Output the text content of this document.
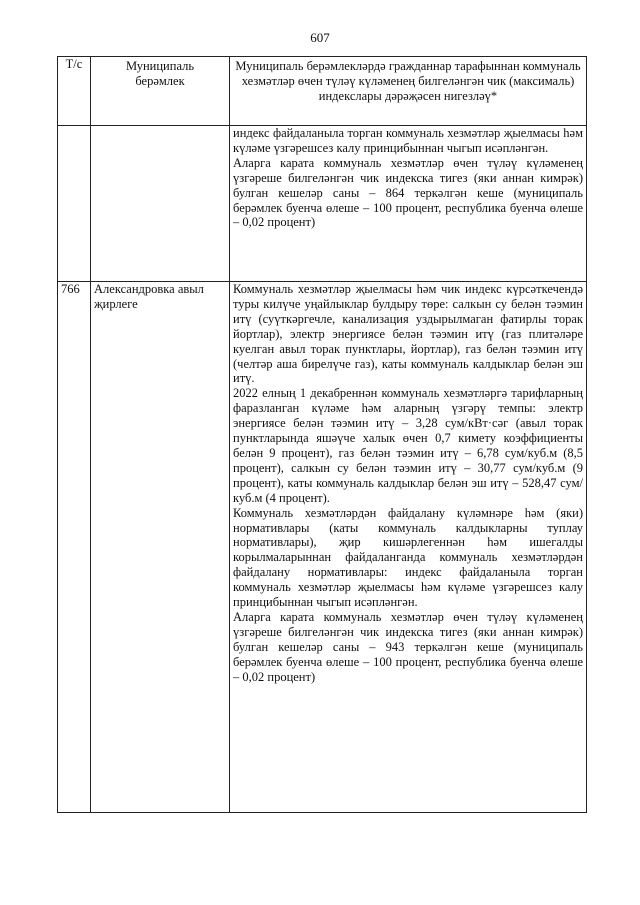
607
Т/с	Муниципаль берәмлек	Муниципаль берәмлекләрдә гражданнар тарафыннан коммуналь хезмәтләр өчен түләү күләменең билгеләнгән чик (максималь) индекслары дәрәҗәсен нигезләү*

		индекс файдаланыла торган коммуналь хезмәтләр җыелмасы һәм күләме үзгәрешсез калу принцибыннан чыгып исәпләнгән.

Аларга карата коммуналь хезмәтләр өчен түләү күләменең үзгәреше билгеләнгән чик индекска тигез (яки аннан кимрәк) булган кешеләр саны – 864 теркәлгән кеше (муниципаль берәмлек буенча өлеше – 100 процент, республика буенча өлеше – 0,02 процент)

766	Александровка авыл җирлеге	Коммуналь хезмәтләр җыелмасы һәм чик индекс күрсәткечендә туры килүче уңайлыклар булдыру төре: салкын су белән тәэмин итү (суүткәргечле, канализация уздырылмаган фатирлы торак йортлар), электр энергиясе белән тәэмин итү (газ плитәләре куелган авыл торак пунктлары, йортлар), газ белән тәэмин итү (челтәр аша бирелүче газ), каты коммуналь калдыклар белән эш итү.

2022 елның 1 декабреннән коммуналь хезмәтләргә тарифларның фаразланган күләме һәм аларның үзгәрү темпы: электр энергиясе белән тәэмин итү – 3,28 сум/кВт·сәг (авыл торак пунктларында яшәүче халык өчен 0,7 кимету коэффициенты белән 9 процент), газ белән тәэмин итү – 6,78 сум/куб.м (8,5 процент), салкын су белән тәэмин итү – 30,77 сум/куб.м (9 процент), каты коммуналь калдыклар белән эш итү – 528,47 сум/куб.м (4 процент).

Коммуналь хезмәтләрдән файдалану күләмнәре һәм (яки) нормативлары (каты коммуналь калдыкларны туплау нормативлары), җир кишәрлегеннән һәм ишегалды корылмаларыннан файдаланганда коммуналь хезмәтләрдән файдалану нормативлары: индекс файдаланыла торган коммуналь хезмәтләр җыелмасы һәм күләме үзгәрешсез калу принцибыннан чыгып исәпләнгән.

Аларга карата коммуналь хезмәтләр өчен түләү күләменең үзгәреше билгеләнгән чик индекска тигез (яки аннан кимрәк) булган кешеләр саны – 943 теркәлгән кеше (муниципаль берәмлек буенча өлеше – 100 процент, республика буенча өлеше – 0,02 процент)
